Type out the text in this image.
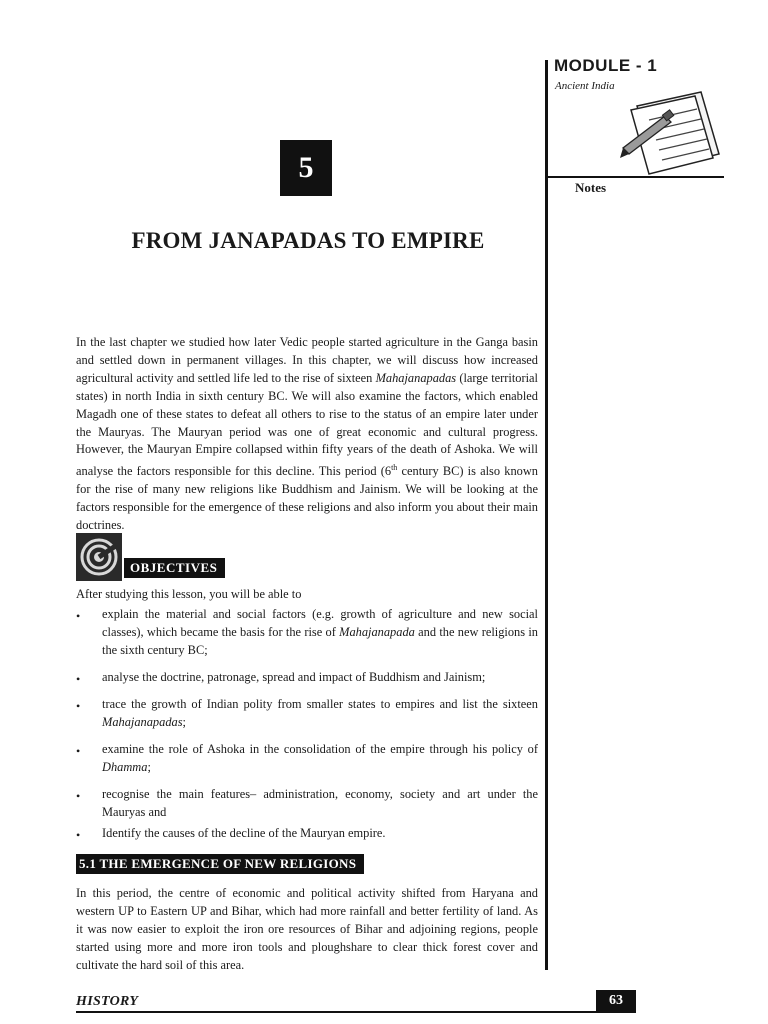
MODULE - 1
Ancient India
Notes
5
FROM JANAPADAS TO EMPIRE
In the last chapter we studied how later Vedic people started agriculture in the Ganga basin and settled down in permanent villages. In this chapter, we will discuss how increased agricultural activity and settled life led to the rise of sixteen Mahajanapadas (large territorial states) in north India in sixth century BC. We will also examine the factors, which enabled Magadh one of these states to defeat all others to rise to the status of an empire later under the Mauryas. The Mauryan period was one of great economic and cultural progress. However, the Mauryan Empire collapsed within fifty years of the death of Ashoka. We will analyse the factors responsible for this decline. This period (6th century BC) is also known for the rise of many new religions like Buddhism and Jainism. We will be looking at the factors responsible for the emergence of these religions and also inform you about their main doctrines.
OBJECTIVES
After studying this lesson, you will be able to
• explain the material and social factors (e.g. growth of agriculture and new social classes), which became the basis for the rise of Mahajanapada and the new religions in the sixth century BC;
• analyse the doctrine, patronage, spread and impact of Buddhism and Jainism;
• trace the growth of Indian polity from smaller states to empires and list the sixteen Mahajanapadas;
• examine the role of Ashoka in the consolidation of the empire through his policy of Dhamma;
• recognise the main features– administration, economy, society and art under the Mauryas and
• Identify the causes of the decline of the Mauryan empire.
5.1 THE EMERGENCE OF NEW RELIGIONS
In this period, the centre of economic and political activity shifted from Haryana and western UP to Eastern UP and Bihar, which had more rainfall and better fertility of land. As it was now easier to exploit the iron ore resources of Bihar and adjoining regions, people started using more and more iron tools and ploughshare to clear thick forest cover and cultivate the hard soil of this area.
HISTORY	63
